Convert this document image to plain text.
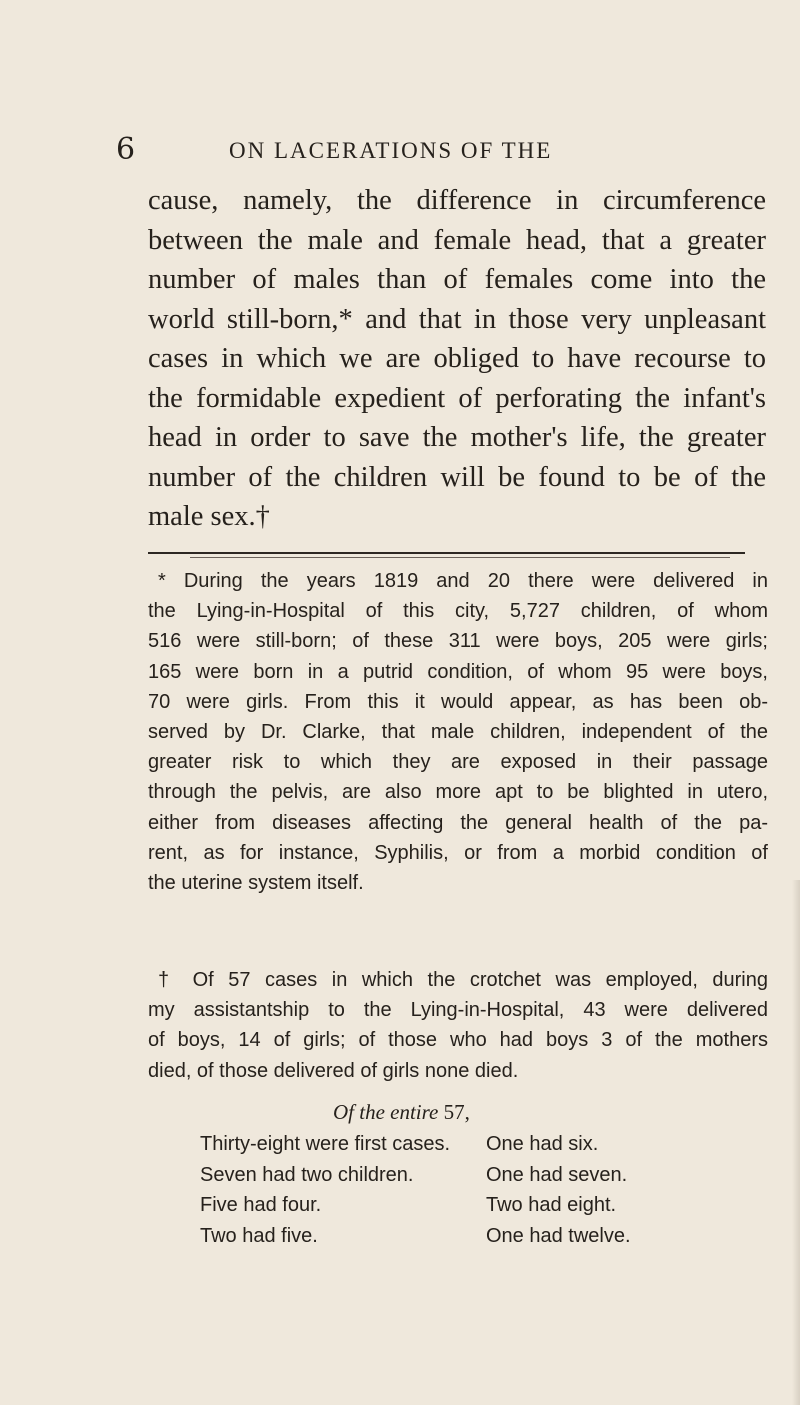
6	ON LACERATIONS OF THE
cause, namely, the difference in circumference
between the male and female head, that a greater
number of males than of females come into the
world still-born,* and that in those very unpleasant
cases in which we are obliged to have recourse to
the formidable expedient of perforating the infant's
head in order to save the mother's life, the greater
number of the children will be found to be of the
male sex.†
* During the years 1819 and 20 there were delivered in
the Lying-in-Hospital of this city, 5,727 children, of whom
516 were still-born; of these 311 were boys, 205 were girls;
165 were born in a putrid condition, of whom 95 were boys,
70 were girls. From this it would appear, as has been ob-
served by Dr. Clarke, that male children, independent of the
greater risk to which they are exposed in their passage
through the pelvis, are also more apt to be blighted in utero,
either from diseases affecting the general health of the pa-
rent, as for instance, Syphilis, or from a morbid condition of
the uterine system itself.
† Of 57 cases in which the crotchet was employed, during
my assistantship to the Lying-in-Hospital, 43 were delivered
of boys, 14 of girls; of those who had boys 3 of the mothers
died, of those delivered of girls none died.
Of the entire 57,
Thirty-eight were first cases.
Seven had two children.
Five had four.
Two had five.
One had six.
One had seven.
Two had eight.
One had twelve.
